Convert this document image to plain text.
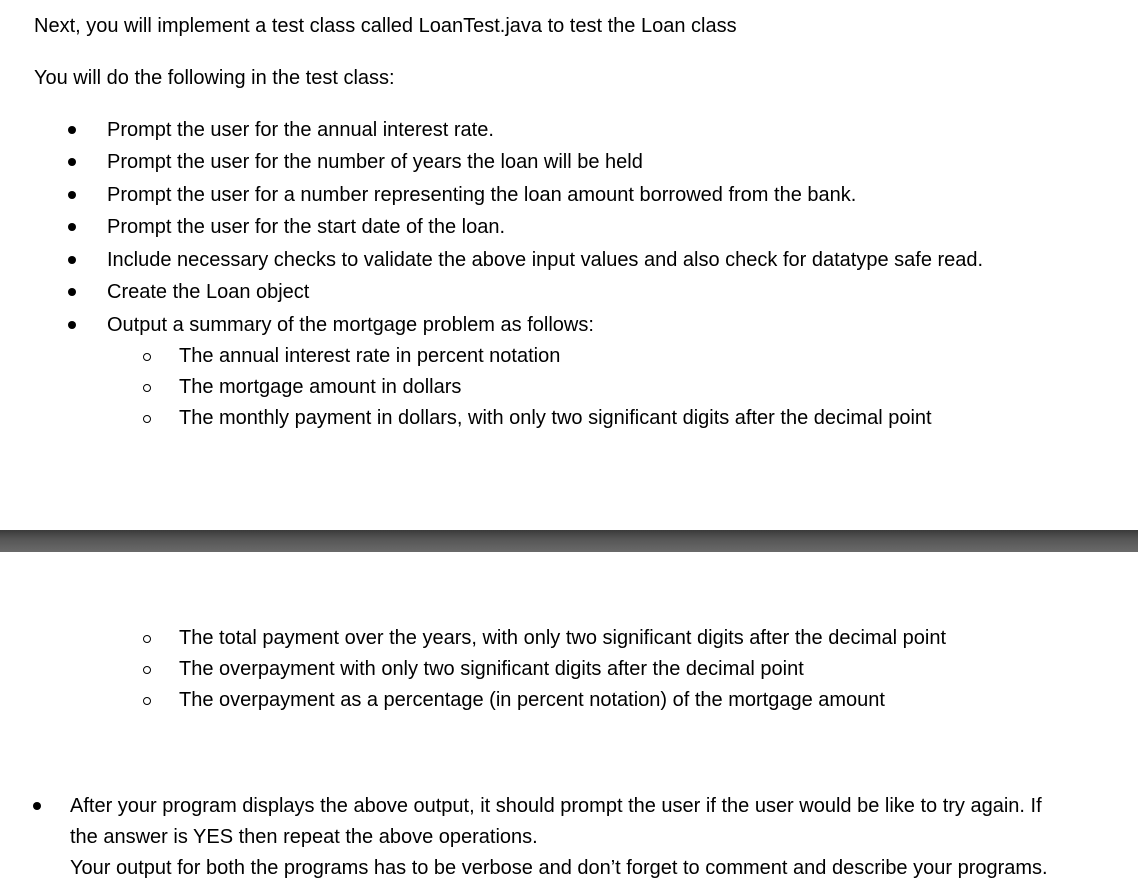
Next, you will implement a test class called LoanTest.java to test the Loan class
You will do the following in the test class:
Prompt the user for the annual interest rate.
Prompt the user for the number of years the loan will be held
Prompt the user for a number representing the loan amount borrowed from the bank.
Prompt the user for the start date of the loan.
Include necessary checks to validate the above input values and also check for datatype safe read.
Create the Loan object
Output a summary of the mortgage problem as follows:
The annual interest rate in percent notation
The mortgage amount in dollars
The monthly payment in dollars, with only two significant digits after the decimal point
The total payment over the years, with only two significant digits after the decimal point
The overpayment with only two significant digits after the decimal point
The overpayment as a percentage (in percent notation) of the mortgage amount
After your program displays the above output, it should prompt the user if the user would be like to try again. If
the answer is YES then repeat the above operations.
Your output for both the programs has to be verbose and don’t forget to comment and describe your programs.
